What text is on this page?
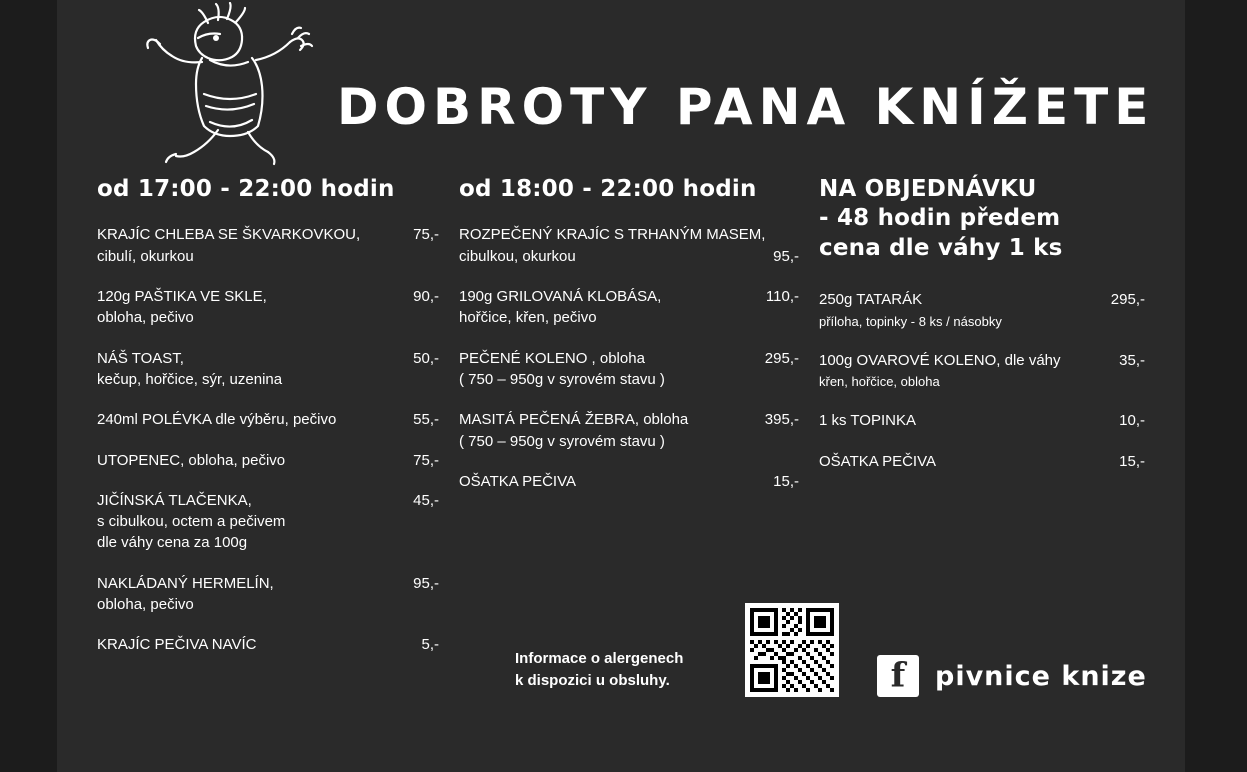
DOBROTY PANA KNÍŽETE
od 17:00 - 22:00 hodin
KRAJÍC CHLEBA SE ŠKVARKOVKOU,	75,-
cibulí, okurkou
120g PAŠTIKA VE SKLE,	90,-
obloha, pečivo
NÁŠ TOAST,	50,-
kečup, hořčice, sýr, uzenina
240ml POLÉVKA dle výběru, pečivo	55,-
UTOPENEC, obloha, pečivo	75,-
JIČÍNSKÁ TLAČENKA,	45,-
s cibulkou, octem a pečivem
dle váhy cena za 100g
NAKLÁDANÝ HERMELÍN,	95,-
obloha, pečivo
KRAJÍC PEČIVA NAVÍC	5,-
od 18:00 - 22:00 hodin
ROZPEČENÝ KRAJÍC S TRHANÝM MASEM,
cibulkou, okurkou	95,-
190g GRILOVANÁ KLOBÁSA,	110,-
hořčice, křen, pečivo
PEČENÉ KOLENO , obloha	295,-
( 750 – 950g v syrovém stavu )
MASITÁ PEČENÁ ŽEBRA, obloha	395,-
( 750 – 950g v syrovém stavu )
OŠATKA PEČIVA	15,-
NA OBJEDNÁVKU
- 48 hodin předem
cena dle váhy 1 ks
250g TATARÁK	295,-
příloha, topinky - 8 ks / násobky
100g OVAROVÉ KOLENO, dle váhy	35,-
křen, hořčice, obloha
1 ks TOPINKA	10,-
OŠATKA PEČIVA	15,-
Informace o alergenech
k dispozici u obsluhy.	f	pivnice knize
